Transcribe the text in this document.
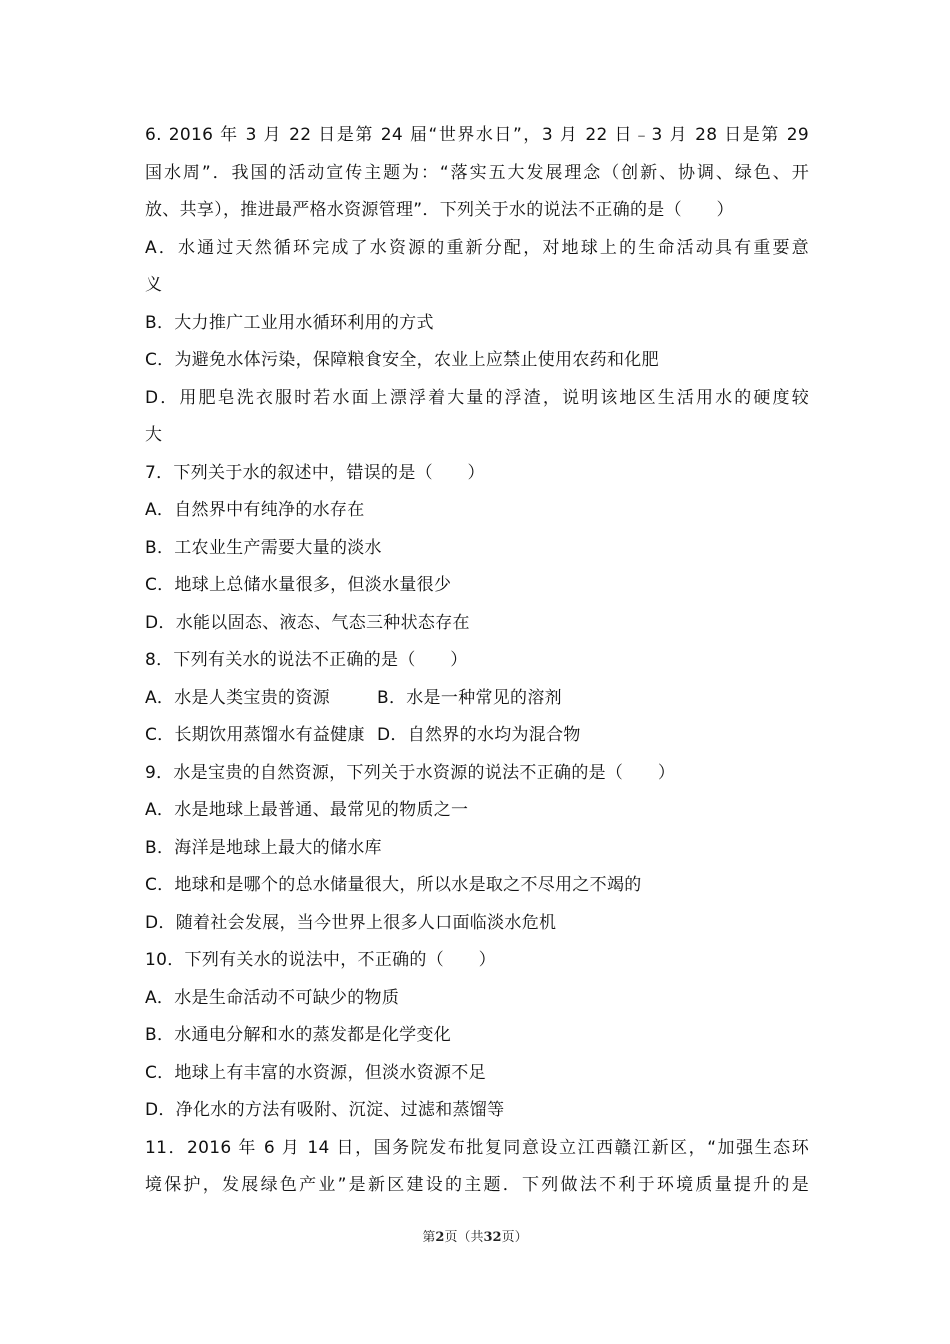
6. 2016 年 3 月 22 日是第 24 届“世界水日”，3 月 22 日﹣3 月 28 日是第 29
国水周”．我国的活动宣传主题为：“落实五大发展理念（创新、协调、绿色、开
放、共享），推进最严格水资源管理”．下列关于水的说法不正确的是（　　）
A．水通过天然循环完成了水资源的重新分配，对地球上的生命活动具有重要意
义
B．大力推广工业用水循环利用的方式
C．为避免水体污染，保障粮食安全，农业上应禁止使用农药和化肥
D．用肥皂洗衣服时若水面上漂浮着大量的浮渣，说明该地区生活用水的硬度较
大
7．下列关于水的叙述中，错误的是（　　）
A．自然界中有纯净的水存在
B．工农业生产需要大量的淡水
C．地球上总储水量很多，但淡水量很少
D．水能以固态、液态、气态三种状态存在
8．下列有关水的说法不正确的是（　　）
A．水是人类宝贵的资源	B．水是一种常见的溶剂
C．长期饮用蒸馏水有益健康 D．自然界的水均为混合物
9．水是宝贵的自然资源，下列关于水资源的说法不正确的是（　　）
A．水是地球上最普通、最常见的物质之一
B．海洋是地球上最大的储水库
C．地球和是哪个的总水储量很大，所以水是取之不尽用之不竭的
D．随着社会发展，当今世界上很多人口面临淡水危机
10．下列有关水的说法中，不正确的（　　）
A．水是生命活动不可缺少的物质
B．水通电分解和水的蒸发都是化学变化
C．地球上有丰富的水资源，但淡水资源不足
D．净化水的方法有吸附、沉淀、过滤和蒸馏等
11．2016 年 6 月 14 日，国务院发布批复同意设立江西赣江新区，“加强生态环
境保护，发展绿色产业”是新区建设的主题．下列做法不利于环境质量提升的是
第2页（共32页）
